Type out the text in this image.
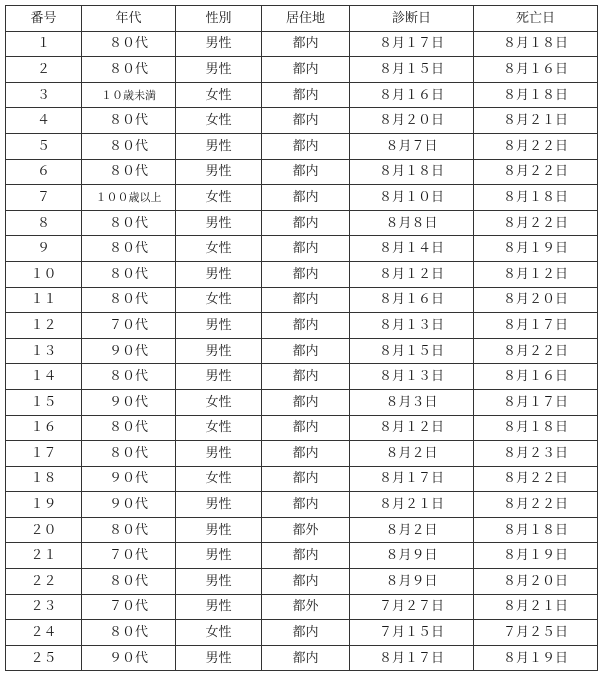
番号	年代	性別	居住地	診断日	死亡日
１	８０代	男性	都内	８月１７日	８月１８日
２	８０代	男性	都内	８月１５日	８月１６日
３	１０歳未満	女性	都内	８月１６日	８月１８日
４	８０代	女性	都内	８月２０日	８月２１日
５	８０代	男性	都内	８月７日	８月２２日
６	８０代	男性	都内	８月１８日	８月２２日
７	１００歳以上	女性	都内	８月１０日	８月１８日
８	８０代	男性	都内	８月８日	８月２２日
９	８０代	女性	都内	８月１４日	８月１９日
１０	８０代	男性	都内	８月１２日	８月１２日
１１	８０代	女性	都内	８月１６日	８月２０日
１２	７０代	男性	都内	８月１３日	８月１７日
１３	９０代	男性	都内	８月１５日	８月２２日
１４	８０代	男性	都内	８月１３日	８月１６日
１５	９０代	女性	都内	８月３日	８月１７日
１６	８０代	女性	都内	８月１２日	８月１８日
１７	８０代	男性	都内	８月２日	８月２３日
１８	９０代	女性	都内	８月１７日	８月２２日
１９	９０代	男性	都内	８月２１日	８月２２日
２０	８０代	男性	都外	８月２日	８月１８日
２１	７０代	男性	都内	８月９日	８月１９日
２２	８０代	男性	都内	８月９日	８月２０日
２３	７０代	男性	都外	７月２７日	８月２１日
２４	８０代	女性	都内	７月１５日	７月２５日
２５	９０代	男性	都内	８月１７日	８月１９日
